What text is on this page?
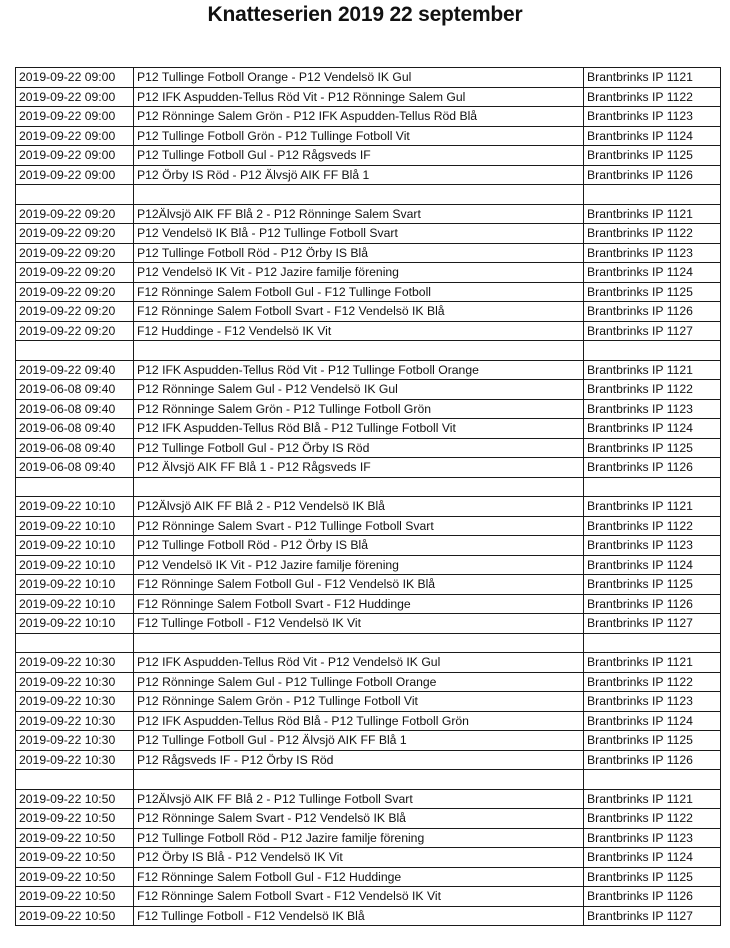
Knatteserien 2019 22 september
2019-09-22 09:00	P12 Tullinge Fotboll Orange - P12 Vendelsö IK Gul	Brantbrinks IP 1121
2019-09-22 09:00	P12 IFK Aspudden-Tellus Röd Vit - P12 Rönninge Salem Gul	Brantbrinks IP 1122
2019-09-22 09:00	P12 Rönninge Salem Grön - P12 IFK Aspudden-Tellus Röd Blå	Brantbrinks IP 1123
2019-09-22 09:00	P12 Tullinge Fotboll Grön - P12 Tullinge Fotboll Vit	Brantbrinks IP 1124
2019-09-22 09:00	P12 Tullinge Fotboll Gul - P12 Rågsveds IF	Brantbrinks IP 1125
2019-09-22 09:00	P12 Örby IS Röd - P12 Älvsjö AIK FF Blå 1	Brantbrinks IP 1126

2019-09-22 09:20	P12Älvsjö AIK FF Blå 2 - P12 Rönninge Salem Svart	Brantbrinks IP 1121
2019-09-22 09:20	P12 Vendelsö IK Blå - P12 Tullinge Fotboll Svart	Brantbrinks IP 1122
2019-09-22 09:20	P12 Tullinge Fotboll Röd - P12 Örby IS Blå	Brantbrinks IP 1123
2019-09-22 09:20	P12 Vendelsö IK Vit - P12 Jazire familje förening	Brantbrinks IP 1124
2019-09-22 09:20	F12 Rönninge Salem Fotboll Gul - F12 Tullinge Fotboll	Brantbrinks IP 1125
2019-09-22 09:20	F12 Rönninge Salem Fotboll Svart - F12 Vendelsö IK Blå	Brantbrinks IP 1126
2019-09-22 09:20	F12 Huddinge - F12 Vendelsö IK Vit	Brantbrinks IP 1127

2019-09-22 09:40	P12 IFK Aspudden-Tellus Röd Vit - P12 Tullinge Fotboll Orange	Brantbrinks IP 1121
2019-06-08 09:40	P12 Rönninge Salem Gul - P12 Vendelsö IK Gul	Brantbrinks IP 1122
2019-06-08 09:40	P12 Rönninge Salem Grön - P12 Tullinge Fotboll Grön	Brantbrinks IP 1123
2019-06-08 09:40	P12 IFK Aspudden-Tellus Röd Blå - P12 Tullinge Fotboll Vit	Brantbrinks IP 1124
2019-06-08 09:40	P12 Tullinge Fotboll Gul - P12 Örby IS Röd	Brantbrinks IP 1125
2019-06-08 09:40	P12 Älvsjö AIK FF Blå 1 - P12 Rågsveds IF	Brantbrinks IP 1126

2019-09-22 10:10	P12Älvsjö AIK FF Blå 2 - P12 Vendelsö IK Blå	Brantbrinks IP 1121
2019-09-22 10:10	P12 Rönninge Salem Svart - P12 Tullinge Fotboll Svart	Brantbrinks IP 1122
2019-09-22 10:10	P12 Tullinge Fotboll Röd - P12 Örby IS Blå	Brantbrinks IP 1123
2019-09-22 10:10	P12 Vendelsö IK Vit - P12 Jazire familje förening	Brantbrinks IP 1124
2019-09-22 10:10	F12 Rönninge Salem Fotboll Gul - F12 Vendelsö IK Blå	Brantbrinks IP 1125
2019-09-22 10:10	F12 Rönninge Salem Fotboll Svart - F12 Huddinge	Brantbrinks IP 1126
2019-09-22 10:10	F12 Tullinge Fotboll - F12 Vendelsö IK Vit	Brantbrinks IP 1127

2019-09-22 10:30	P12 IFK Aspudden-Tellus Röd Vit - P12 Vendelsö IK Gul	Brantbrinks IP 1121
2019-09-22 10:30	P12 Rönninge Salem Gul - P12 Tullinge Fotboll Orange	Brantbrinks IP 1122
2019-09-22 10:30	P12 Rönninge Salem Grön - P12 Tullinge Fotboll Vit	Brantbrinks IP 1123
2019-09-22 10:30	P12 IFK Aspudden-Tellus Röd Blå - P12 Tullinge Fotboll Grön	Brantbrinks IP 1124
2019-09-22 10:30	P12 Tullinge Fotboll Gul - P12 Älvsjö AIK FF Blå 1	Brantbrinks IP 1125
2019-09-22 10:30	P12 Rågsveds IF - P12 Örby IS Röd	Brantbrinks IP 1126

2019-09-22 10:50	P12Älvsjö AIK FF Blå 2 - P12 Tullinge Fotboll Svart	Brantbrinks IP 1121
2019-09-22 10:50	P12 Rönninge Salem Svart - P12 Vendelsö IK Blå	Brantbrinks IP 1122
2019-09-22 10:50	P12 Tullinge Fotboll Röd - P12 Jazire familje förening	Brantbrinks IP 1123
2019-09-22 10:50	P12 Örby IS Blå - P12 Vendelsö IK Vit	Brantbrinks IP 1124
2019-09-22 10:50	F12 Rönninge Salem Fotboll Gul - F12 Huddinge	Brantbrinks IP 1125
2019-09-22 10:50	F12 Rönninge Salem Fotboll Svart - F12 Vendelsö IK Vit	Brantbrinks IP 1126
2019-09-22 10:50	F12 Tullinge Fotboll - F12 Vendelsö IK Blå	Brantbrinks IP 1127
